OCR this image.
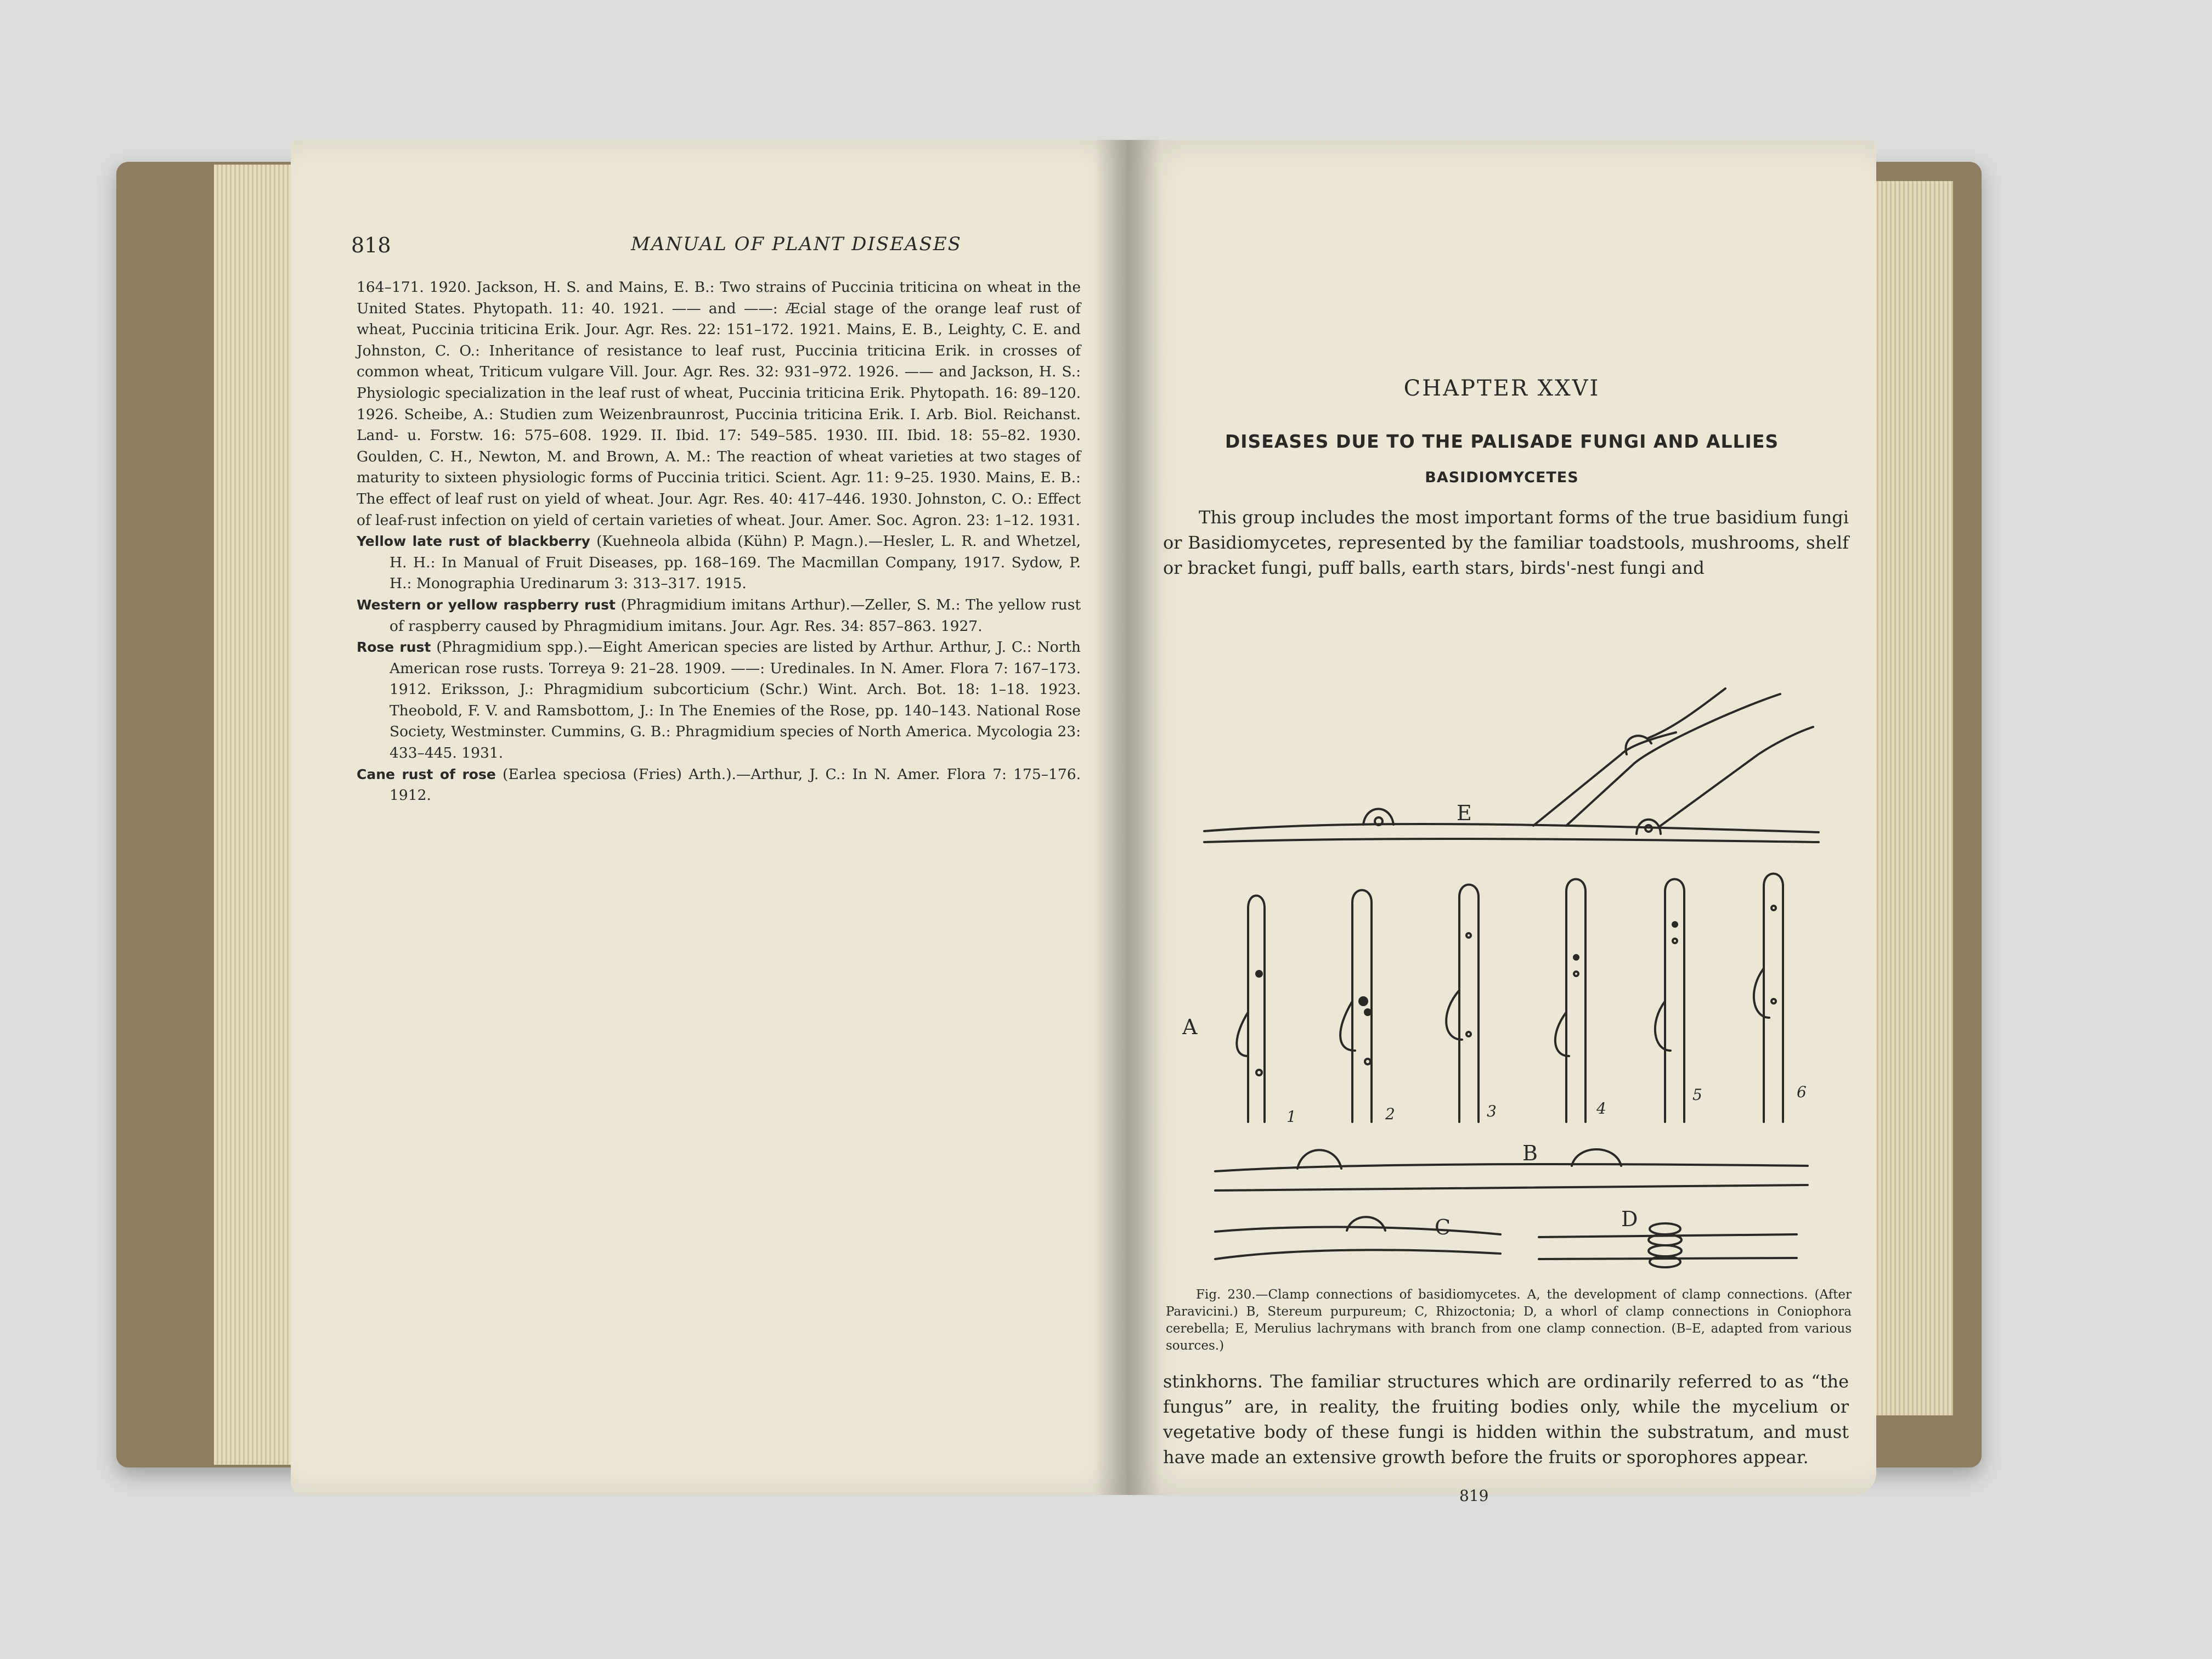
818	MANUAL OF PLANT DISEASES

164–171. 1920. Jackson, H. S. and Mains, E. B.: Two strains of Puccinia triticina on wheat in the United States. Phytopath. 11: 40. 1921. —— and ——: Æcial stage of the orange leaf rust of wheat, Puccinia triticina Erik. Jour. Agr. Res. 22: 151–172. 1921. Mains, E. B., Leighty, C. E. and Johnston, C. O.: Inheritance of resistance to leaf rust, Puccinia triticina Erik. in crosses of common wheat, Triticum vulgare Vill. Jour. Agr. Res. 32: 931–972. 1926. —— and Jackson, H. S.: Physiologic specialization in the leaf rust of wheat, Puccinia triticina Erik. Phytopath. 16: 89–120. 1926. Scheibe, A.: Studien zum Weizenbraunrost, Puccinia triticina Erik. I. Arb. Biol. Reichanst. Land- u. Forstw. 16: 575–608. 1929. II. Ibid. 17: 549–585. 1930. III. Ibid. 18: 55–82. 1930. Goulden, C. H., Newton, M. and Brown, A. M.: The reaction of wheat varieties at two stages of maturity to sixteen physiologic forms of Puccinia tritici. Scient. Agr. 11: 9–25. 1930. Mains, E. B.: The effect of leaf rust on yield of wheat. Jour. Agr. Res. 40: 417–446. 1930. Johnston, C. O.: Effect of leaf-rust infection on yield of certain varieties of wheat. Jour. Amer. Soc. Agron. 23: 1–12. 1931.

Yellow late rust of blackberry (Kuehneola albida (Kühn) P. Magn.).—Hesler, L. R. and Whetzel, H. H.: In Manual of Fruit Diseases, pp. 168–169. The Macmillan Company, 1917. Sydow, P. H.: Monographia Uredinarum 3: 313–317. 1915.

Western or yellow raspberry rust (Phragmidium imitans Arthur).—Zeller, S. M.: The yellow rust of raspberry caused by Phragmidium imitans. Jour. Agr. Res. 34: 857–863. 1927.

Rose rust (Phragmidium spp.).—Eight American species are listed by Arthur. Arthur, J. C.: North American rose rusts. Torreya 9: 21–28. 1909. ——: Uredinales. In N. Amer. Flora 7: 167–173. 1912. Eriksson, J.: Phragmidium subcorticium (Schr.) Wint. Arch. Bot. 18: 1–18. 1923. Theobold, F. V. and Ramsbottom, J.: In The Enemies of the Rose, pp. 140–143. National Rose Society, Westminster. Cummins, G. B.: Phragmidium species of North America. Mycologia 23: 433–445. 1931.

Cane rust of rose (Earlea speciosa (Fries) Arth.).—Arthur, J. C.: In N. Amer. Flora 7: 175–176. 1912.

CHAPTER XXVI
DISEASES DUE TO THE PALISADE FUNGI AND ALLIES
BASIDIOMYCETES

This group includes the most important forms of the true basidium fungi or Basidiomycetes, represented by the familiar toadstools, mushrooms, shelf or bracket fungi, puff balls, earth stars, birds'-nest fungi and

A
B
C	D
E
1	2	3	4
5	6

Fig. 230.—Clamp connections of basidiomycetes. A, the development of clamp connections. (After Paravicini.) B, Stereum purpureum; C, Rhizoctonia; D, a whorl of clamp connections in Coniophora cerebella; E, Merulius lachrymans with branch from one clamp connection. (B–E, adapted from various sources.)

stinkhorns. The familiar structures which are ordinarily referred to as “the fungus” are, in reality, the fruiting bodies only, while the mycelium or vegetative body of these fungi is hidden within the substratum, and must have made an extensive growth before the fruits or sporophores appear.

819
